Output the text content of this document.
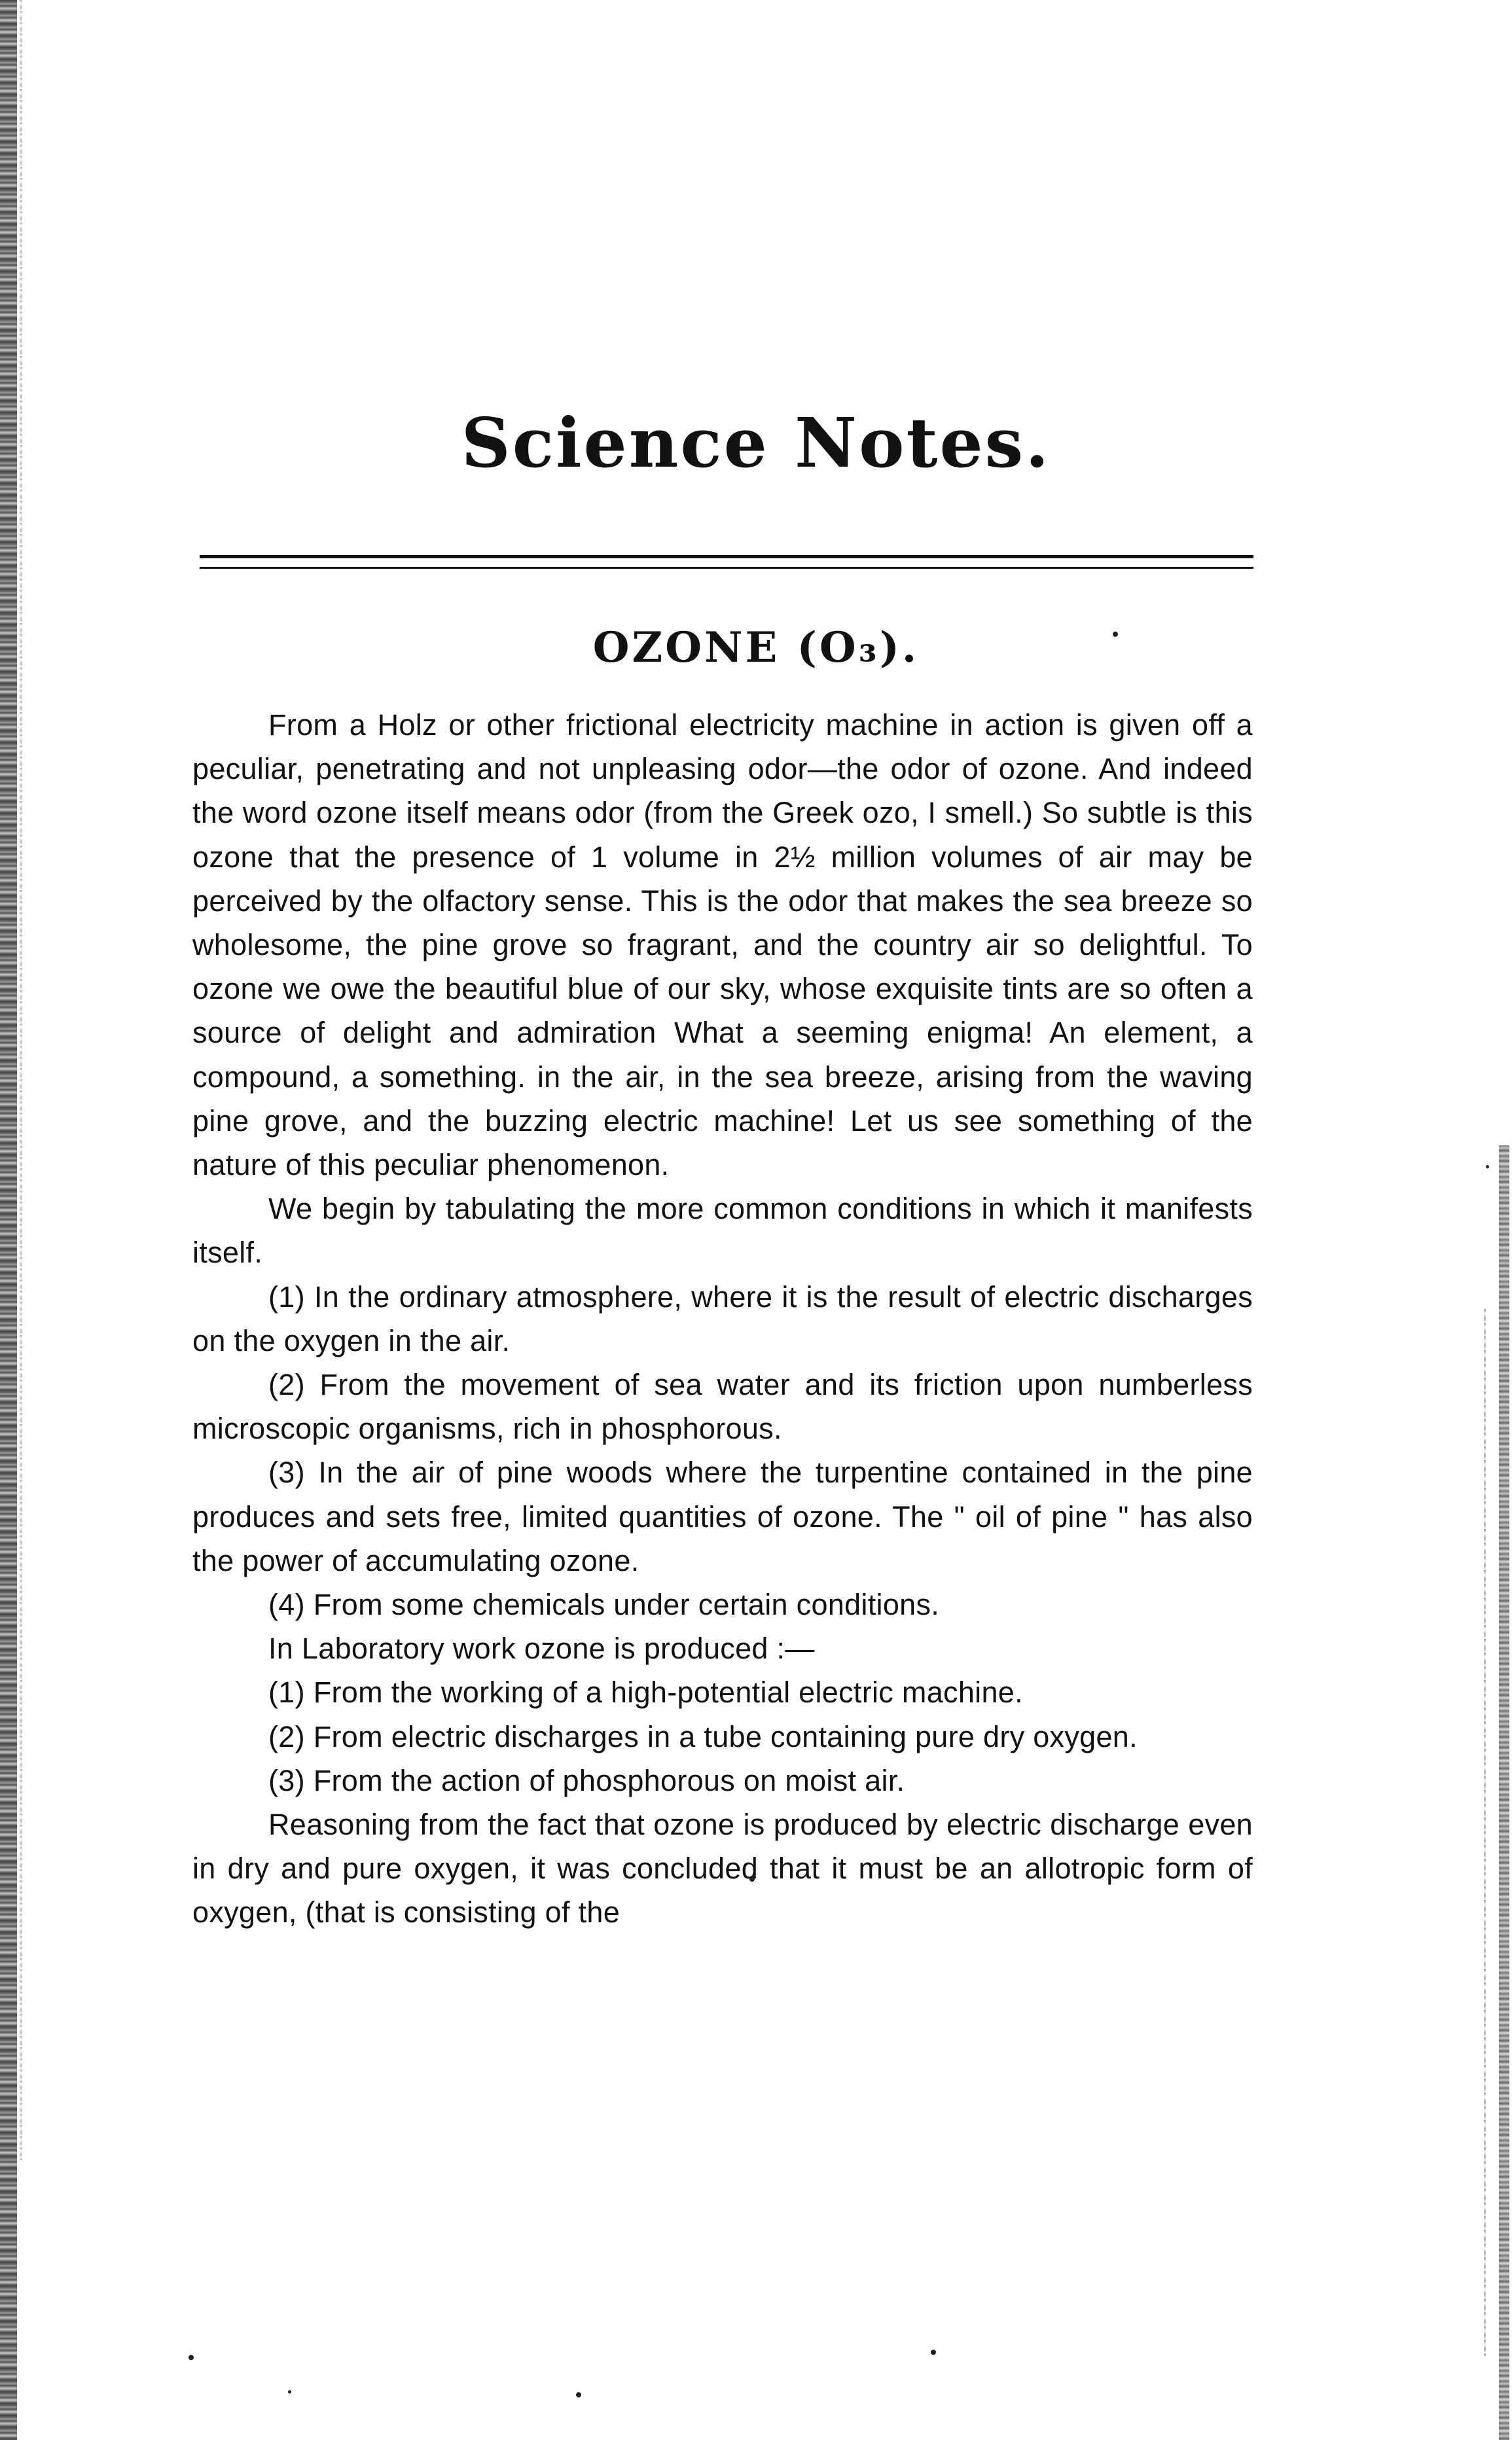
Science Notes.
OZONE (O₃).

From a Holz or other frictional electricity machine in action is given off a peculiar, penetrating and not unpleasing odor—the odor of ozone. And indeed the word ozone itself means odor (from the Greek ozo, I smell.) So subtle is this ozone that the presence of 1 volume in 2½ million volumes of air may be perceived by the olfactory sense. This is the odor that makes the sea breeze so wholesome, the pine grove so fragrant, and the country air so delightful. To ozone we owe the beautiful blue of our sky, whose exquisite tints are so often a source of delight and admiration What a seeming enigma! An element, a compound, a something. in the air, in the sea breeze, arising from the waving pine grove, and the buzzing electric machine! Let us see something of the nature of this peculiar phenomenon.

We begin by tabulating the more common conditions in which it manifests itself.

(1) In the ordinary atmosphere, where it is the result of electric discharges on the oxygen in the air.

(2) From the movement of sea water and its friction upon numberless microscopic organisms, rich in phosphorous.

(3) In the air of pine woods where the turpentine contained in the pine produces and sets free, limited quantities of ozone. The " oil of pine " has also the power of accumulating ozone.

(4) From some chemicals under certain conditions.

In Laboratory work ozone is produced :—

(1) From the working of a high-potential electric machine.

(2) From electric discharges in a tube containing pure dry oxygen.

(3) From the action of phosphorous on moist air.

Reasoning from the fact that ozone is produced by electric discharge even in dry and pure oxygen, it was concluded that it must be an allotropic form of oxygen, (that is consisting of the
